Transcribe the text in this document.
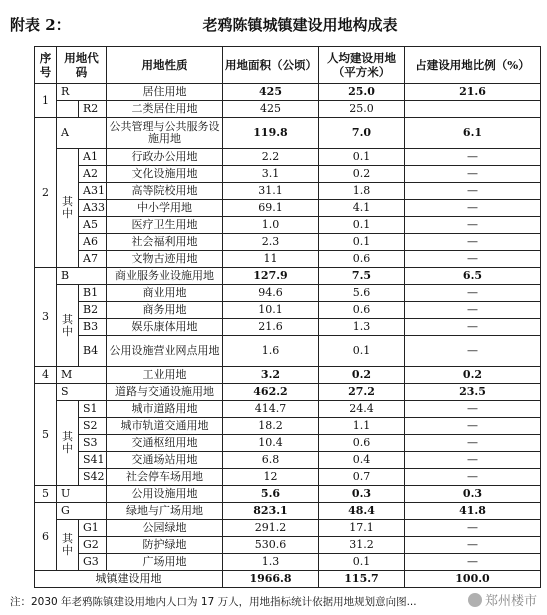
附表 2：	老鸦陈镇城镇建设用地构成表
序号	用地代码		用地性质	用地面积（公顷）	人均建设用地（平方米）	占建设用地比例（%）
1	R		居住用地	425	25.0	21.6
		R2	二类居住用地	425	25.0	
2	A		公共管理与公共服务设施用地	119.8	7.0	6.1
	其中	A1	行政办公用地	2.2	0.1	—
		A2	文化设施用地	3.1	0.2	—
		A31	高等院校用地	31.1	1.8	—
		A33	中小学用地	69.1	4.1	—
		A5	医疗卫生用地	1.0	0.1	—
		A6	社会福利用地	2.3	0.1	—
		A7	文物古迹用地	11	0.6	—
3	B		商业服务业设施用地	127.9	7.5	6.5
	其中	B1	商业用地	94.6	5.6	—
		B2	商务用地	10.1	0.6	—
		B3	娱乐康体用地	21.6	1.3	—
		B4	公用设施营业网点用地	1.6	0.1	—
4	M		工业用地	3.2	0.2	0.2
5	S		道路与交通设施用地	462.2	27.2	23.5
	其中	S1	城市道路用地	414.7	24.4	—
		S2	城市轨道交通用地	18.2	1.1	—
		S3	交通枢纽用地	10.4	0.6	—
		S41	交通场站用地	6.8	0.4	—
		S42	社会停车场用地	12	0.7	—
5	U		公用设施用地	5.6	0.3	0.3
6	G		绿地与广场用地	823.1	48.4	41.8
	其中	G1	公园绿地	291.2	17.1	—
		G2	防护绿地	530.6	31.2	—
		G3	广场用地	1.3	0.1	—
城镇建设用地				1966.8	115.7	100.0
注：2030 年老鸦陈镇建设用地内人口为 17 万人，用地指标统计依据用地规划意向图...	郑州楼市
